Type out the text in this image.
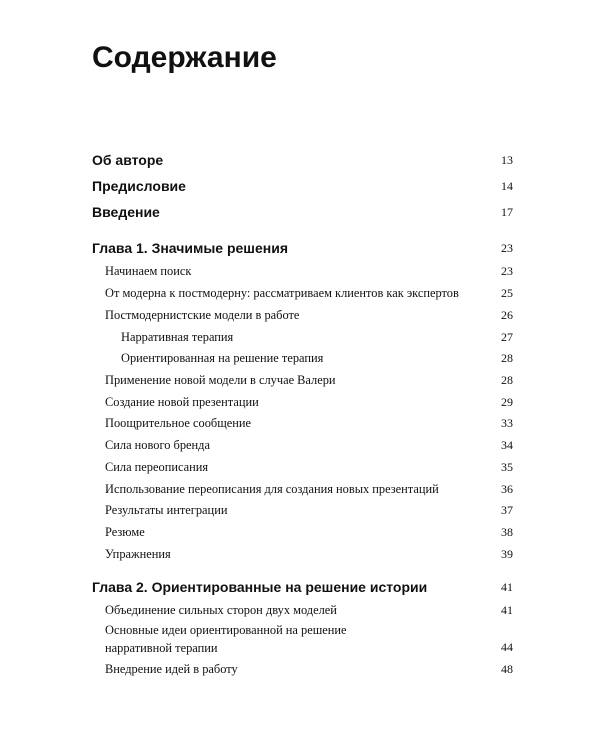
Содержание
Об авторе	13
Предисловие	14
Введение	17
Глава 1. Значимые решения	23
Начинаем поиск	23
От модерна к постмодерну: рассматриваем клиентов как экспертов	25
Постмодернистские модели в работе	26
Нарративная терапия	27
Ориентированная на решение терапия	28
Применение новой модели в случае Валери	28
Создание новой презентации	29
Поощрительное сообщение	33
Сила нового бренда	34
Сила переописания	35
Использование переописания для создания новых презентаций	36
Результаты интеграции	37
Резюме	38
Упражнения	39
Глава 2. Ориентированные на решение истории	41
Объединение сильных сторон двух моделей	41
Основные идеи ориентированной на решение
нарративной терапии	44
Внедрение идей в работу	48
